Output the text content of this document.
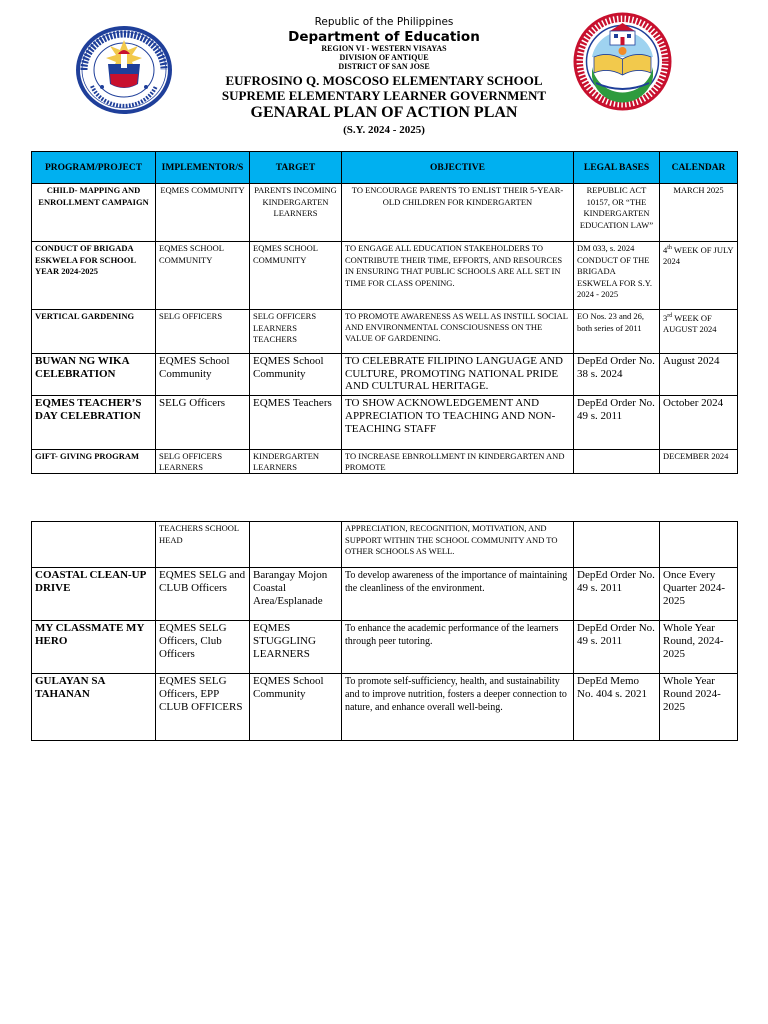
Republic of the Philippines
Department of Education
REGION VI - WESTERN VISAYAS
DIVISION OF ANTIQUE
DISTRICT OF SAN JOSE
EUFROSINO Q. MOSCOSO ELEMENTARY SCHOOL
SUPREME ELEMENTARY LEARNER GOVERNMENT
GENARAL PLAN OF ACTION PLAN
(S.Y. 2024 - 2025)
PROGRAM/PROJECT	IMPLEMENTOR/S	TARGET	OBJECTIVE	LEGAL BASES	CALENDAR
CHILD- MAPPING AND ENROLLMENT CAMPAIGN	EQMES COMMUNITY	PARENTS INCOMING KINDERGARTEN LEARNERS	TO ENCOURAGE PARENTS TO ENLIST THEIR 5-YEAR-OLD CHILDREN FOR KINDERGARTEN	REPUBLIC ACT 10157, OR “THE KINDERGARTEN EDUCATION LAW”	MARCH 2025
CONDUCT OF BRIGADA ESKWELA FOR SCHOOL YEAR 2024-2025	EQMES SCHOOL COMMUNITY	EQMES SCHOOL COMMUNITY	TO ENGAGE ALL EDUCATION STAKEHOLDERS TO CONTRIBUTE THEIR TIME, EFFORTS, AND RESOURCES IN ENSURING THAT PUBLIC SCHOOLS ARE ALL SET IN TIME FOR CLASS OPENING.	DM 033, s. 2024 CONDUCT OF THE BRIGADA ESKWELA FOR S.Y. 2024 - 2025	4th WEEK OF JULY 2024
VERTICAL GARDENING	SELG OFFICERS	SELG OFFICERS LEARNERS TEACHERS	TO PROMOTE AWARENESS AS WELL AS INSTILL SOCIAL AND ENVIRONMENTAL CONSCIOUSNESS ON THE VALUE OF GARDENING.	EO Nos. 23 and 26, both series of 2011	3rd WEEK OF AUGUST 2024
BUWAN NG WIKA CELEBRATION	EQMES School Community	EQMES School Community	TO CELEBRATE FILIPINO LANGUAGE AND CULTURE, PROMOTING NATIONAL PRIDE AND CULTURAL HERITAGE.	DepEd Order No. 38 s. 2024	August 2024
EQMES TEACHER’S DAY CELEBRATION	SELG Officers	EQMES Teachers	TO SHOW ACKNOWLEDGEMENT AND APPRECIATION TO TEACHING AND NON-TEACHING STAFF	DepEd Order No. 49 s. 2011	October 2024
GIFT- GIVING PROGRAM	SELG OFFICERS LEARNERS	KINDERGARTEN LEARNERS	TO INCREASE EBNROLLMENT IN KINDERGARTEN AND PROMOTE		DECEMBER 2024
	TEACHERS SCHOOL HEAD		APPRECIATION, RECOGNITION, MOTIVATION, AND SUPPORT WITHIN THE SCHOOL COMMUNITY AND TO OTHER SCHOOLS AS WELL.		
COASTAL CLEAN-UP DRIVE	EQMES SELG and CLUB Officers	Barangay Mojon Coastal Area/Esplanade	To develop awareness of the importance of maintaining the cleanliness of the environment.	DepEd Order No. 49 s. 2011	Once Every Quarter 2024-2025
MY CLASSMATE MY HERO	EQMES SELG Officers, Club Officers	EQMES STUGGLING LEARNERS	To enhance the academic performance of the learners through peer tutoring.	DepEd Order No. 49 s. 2011	Whole Year Round, 2024-2025
GULAYAN SA TAHANAN	EQMES SELG Officers, EPP CLUB OFFICERS	EQMES School Community	To promote self-sufficiency, health, and sustainability and to improve nutrition, fosters a deeper connection to nature, and enhance overall well-being.	DepEd Memo No. 404 s. 2021	Whole Year Round 2024-2025
